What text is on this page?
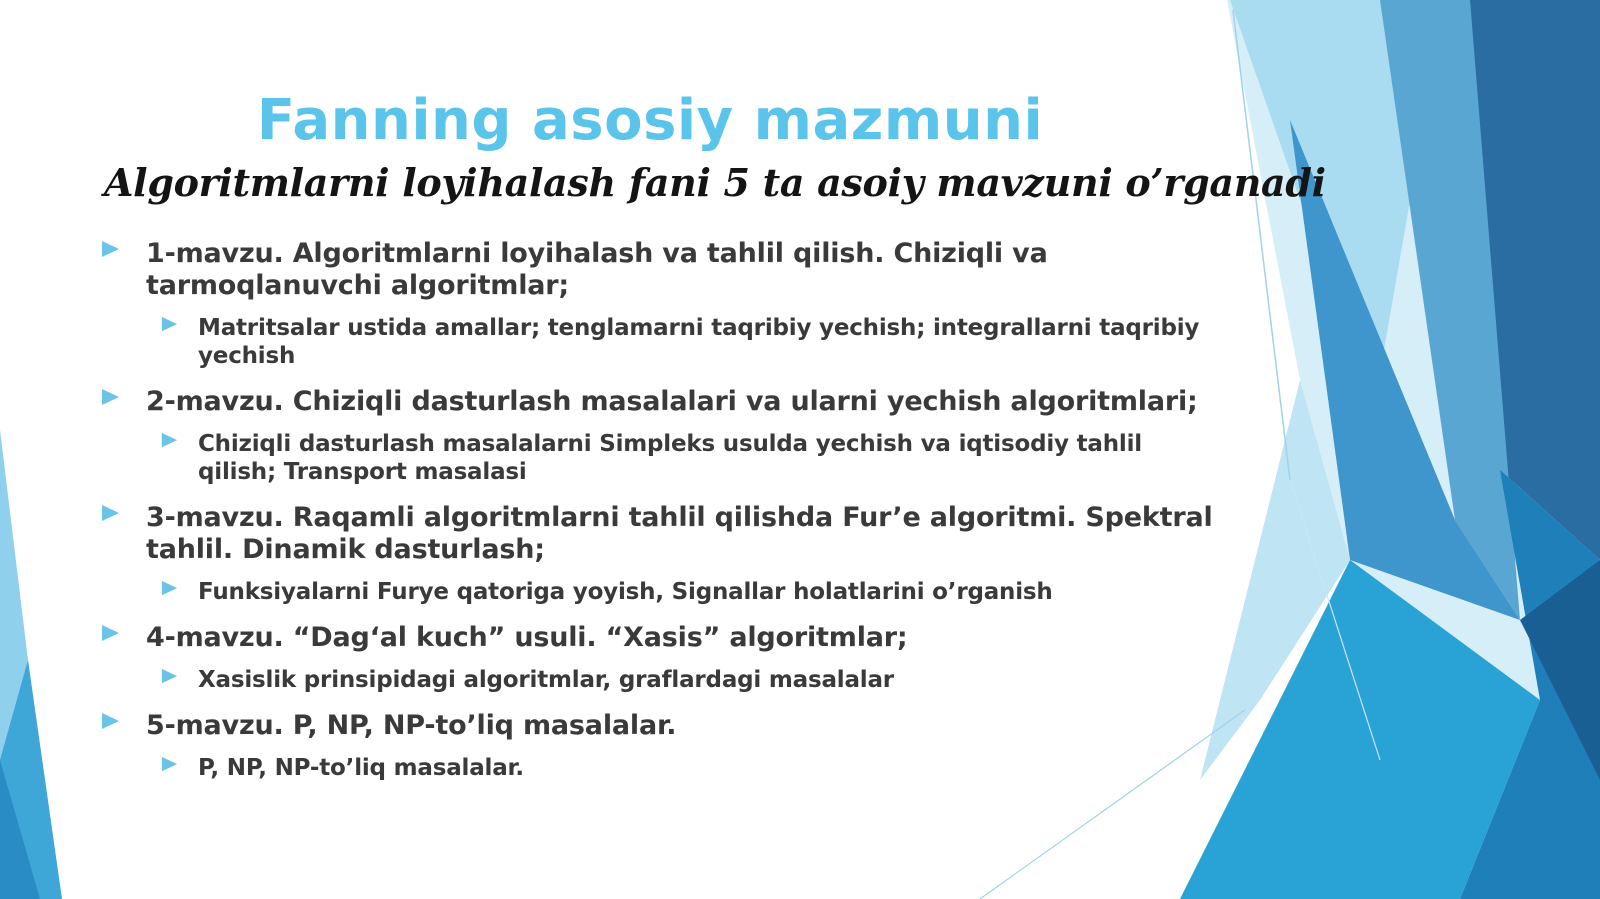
Fanning asosiy mazmuni
Algoritmlarni loyihalash fani 5 ta asoiy mavzuni o’rganadi
1-mavzu. Algoritmlarni loyihalash va tahlil qilish. Chiziqli va tarmoqlanuvchi algoritmlar;
Matritsalar ustida amallar; tenglamarni taqribiy yechish; integrallarni taqribiy yechish
2-mavzu. Chiziqli dasturlash masalalari va ularni yechish algoritmlari;
Chiziqli dasturlash masalalarni Simpleks usulda yechish va iqtisodiy tahlil qilish; Transport masalasi
3-mavzu. Raqamli algoritmlarni tahlil qilishda Fur’e algoritmi. Spektral tahlil. Dinamik dasturlash;
Funksiyalarni Furye qatoriga yoyish, Signallar holatlarini o’rganish
4-mavzu. “Dag‘al kuch” usuli. “Xasis” algoritmlar;
Xasislik prinsipidagi algoritmlar, graflardagi masalalar
5-mavzu. P, NP, NP-to’liq masalalar.
P, NP, NP-to’liq masalalar.
